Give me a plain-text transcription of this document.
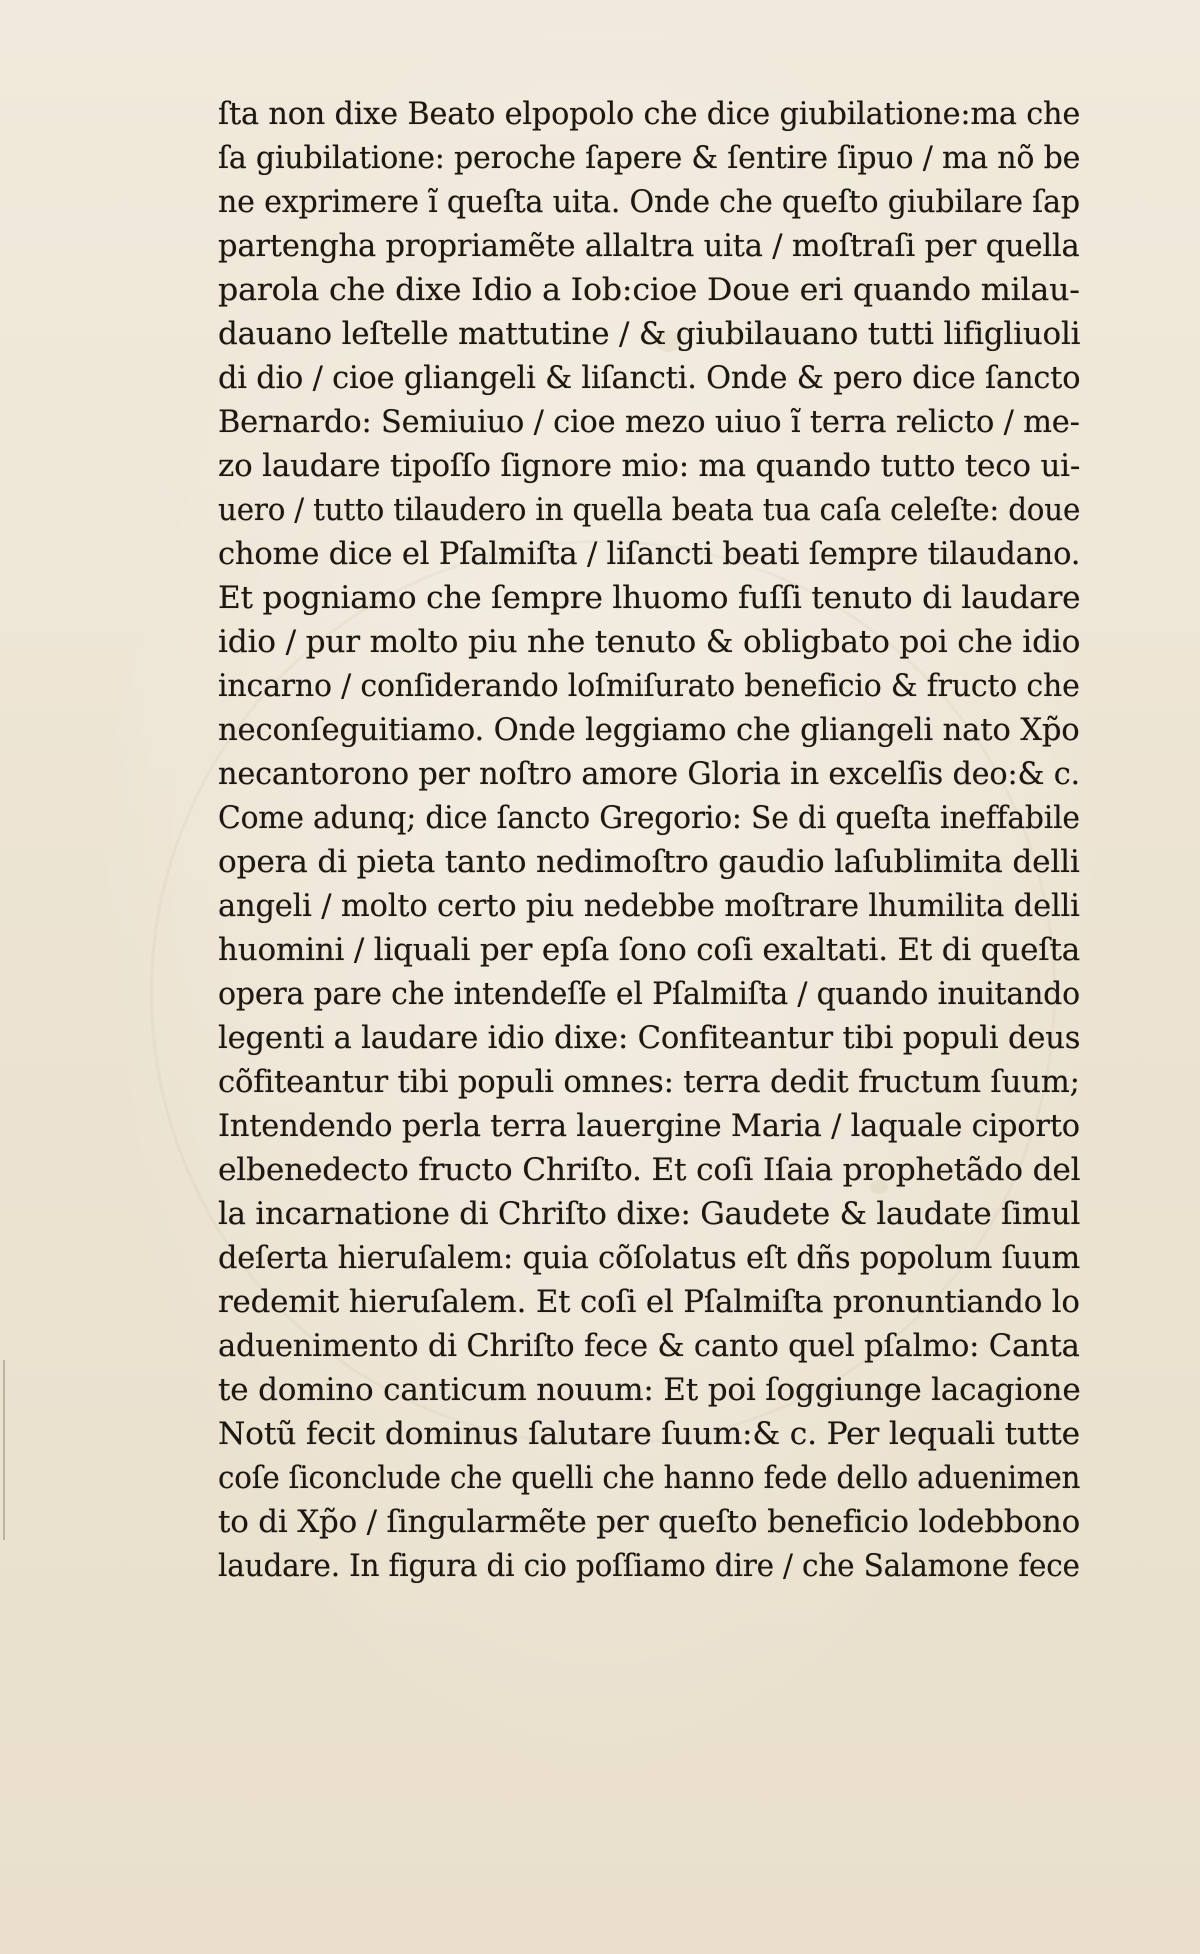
ſta non dixe Beato elpopolo che dice giubilatione:ma che
ſa giubilatione: peroche ſapere & ſentire ſipuo / ma nõ be
ne exprimere ĩ queſta uita. Onde che queſto giubilare ſap
partengha propriamẽte allaltra uita / moſtraſi per quella
parola che dixe Idio a Iob:cioe Doue eri quando milau-
dauano leſtelle mattutine / & giubilauano tutti lifigliuoli
di dio / cioe gliangeli & liſancti. Onde & pero dice ſancto
Bernardo: Semiuiuo / cioe mezo uiuo ĩ terra relicto / me-
zo laudare tipoſſo ſignore mio: ma quando tutto teco ui-
uero / tutto tilaudero in quella beata tua caſa celeſte: doue
chome dice el Pſalmiſta / liſancti beati ſempre tilaudano.
Et pogniamo che ſempre lhuomo fuſſi tenuto di laudare
idio / pur molto piu nhe tenuto & obligbato poi che idio
incarno / conſiderando loſmiſurato beneficio & fructo che
neconſeguitiamo. Onde leggiamo che gliangeli nato Xp̃o
necantorono per noſtro amore Gloria in excelſis deo:& c.
Come adunq; dice ſancto Gregorio: Se di queſta ineffabile
opera di pieta tanto nedimoſtro gaudio laſublimita delli
angeli / molto certo piu nedebbe moſtrare lhumilita delli
huomini / liquali per epſa ſono coſi exaltati. Et di queſta
opera pare che intendeſſe el Pſalmiſta / quando inuitando
legenti a laudare idio dixe: Confiteantur tibi populi deus
cõfiteantur tibi populi omnes: terra dedit fructum ſuum;
Intendendo perla terra lauergine Maria / laquale ciporto
elbenedecto fructo Chriſto. Et coſi Iſaia prophetãdo del
la incarnatione di Chriſto dixe: Gaudete & laudate ſimul
deſerta hieruſalem: quia cõſolatus eſt dñs popolum ſuum
redemit hieruſalem. Et coſi el Pſalmiſta pronuntiando lo
aduenimento di Chriſto fece & canto quel pſalmo: Canta
te domino canticum nouum: Et poi ſoggiunge lacagione
Notũ fecit dominus ſalutare ſuum:& c. Per lequali tutte
coſe ſiconclude che quelli che hanno fede dello aduenimen
to di Xp̃o / ſingularmẽte per queſto beneficio lodebbono
laudare. In figura di cio poſſiamo dire / che Salamone fece
